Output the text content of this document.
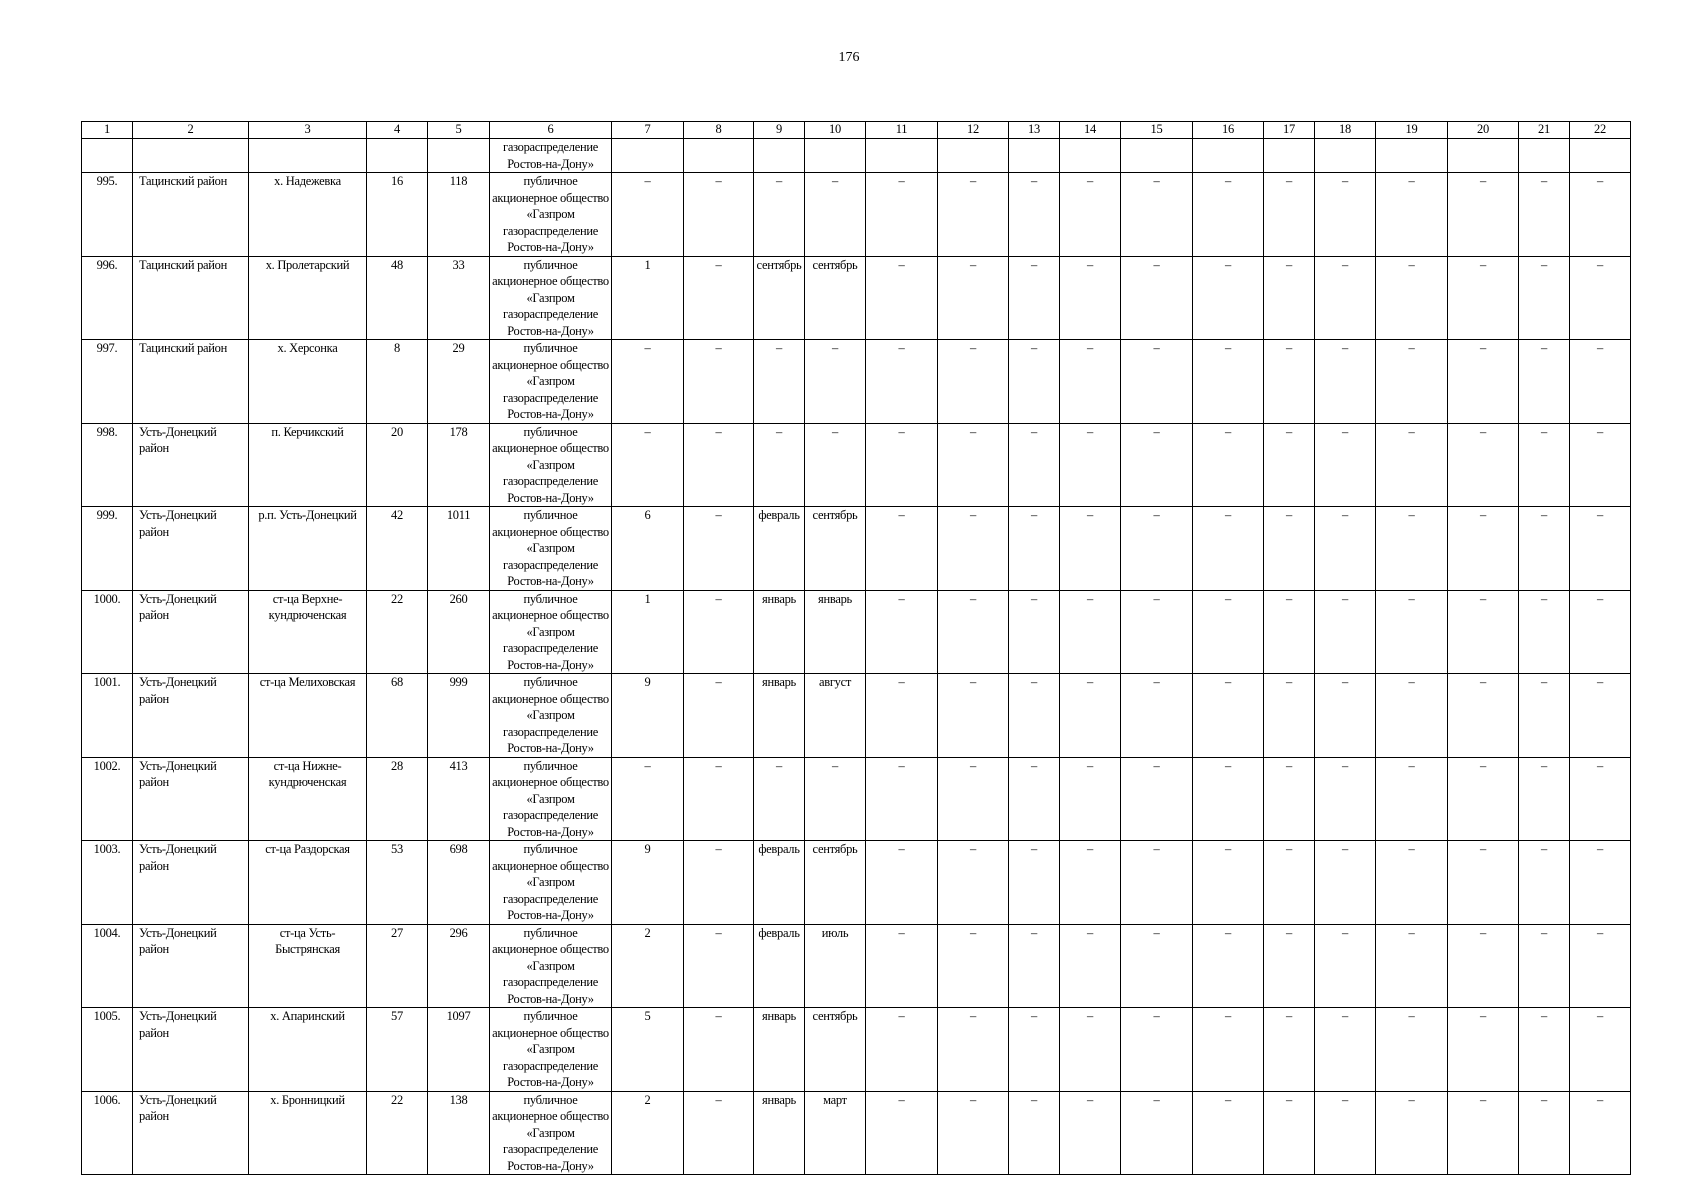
176
1	2	3	4	5	6	7	8	9	10	11	12	13	14	15	16	17	18	19	20	21	22
					газораспределение Ростов-на-Дону»																
995.	Тацинский район	х. Надежевка	16	118	публичное акционерное общество «Газпром газораспределение Ростов-на-Дону»	–	–	–	–	–	–	–	–	–	–	–	–	–	–	–	–
996.	Тацинский район	х. Пролетарский	48	33	публичное акционерное общество «Газпром газораспределение Ростов-на-Дону»	1	–	сентябрь	сентябрь	–	–	–	–	–	–	–	–	–	–	–	–
997.	Тацинский район	х. Херсонка	8	29	публичное акционерное общество «Газпром газораспределение Ростов-на-Дону»	–	–	–	–	–	–	–	–	–	–	–	–	–	–	–	–
998.	Усть-Донецкий район	п. Керчикский	20	178	публичное акционерное общество «Газпром газораспределение Ростов-на-Дону»	–	–	–	–	–	–	–	–	–	–	–	–	–	–	–	–
999.	Усть-Донецкий район	р.п. Усть-Донецкий	42	1011	публичное акционерное общество «Газпром газораспределение Ростов-на-Дону»	6	–	февраль	сентябрь	–	–	–	–	–	–	–	–	–	–	–	–
1000.	Усть-Донецкий район	ст-ца Верхне-кундрюченская	22	260	публичное акционерное общество «Газпром газораспределение Ростов-на-Дону»	1	–	январь	январь	–	–	–	–	–	–	–	–	–	–	–	–
1001.	Усть-Донецкий район	ст-ца Мелиховская	68	999	публичное акционерное общество «Газпром газораспределение Ростов-на-Дону»	9	–	январь	август	–	–	–	–	–	–	–	–	–	–	–	–
1002.	Усть-Донецкий район	ст-ца Нижне-кундрюченская	28	413	публичное акционерное общество «Газпром газораспределение Ростов-на-Дону»	–	–	–	–	–	–	–	–	–	–	–	–	–	–	–	–
1003.	Усть-Донецкий район	ст-ца Раздорская	53	698	публичное акционерное общество «Газпром газораспределение Ростов-на-Дону»	9	–	февраль	сентябрь	–	–	–	–	–	–	–	–	–	–	–	–
1004.	Усть-Донецкий район	ст-ца Усть-Быстрянская	27	296	публичное акционерное общество «Газпром газораспределение Ростов-на-Дону»	2	–	февраль	июль	–	–	–	–	–	–	–	–	–	–	–	–
1005.	Усть-Донецкий район	х. Апаринский	57	1097	публичное акционерное общество «Газпром газораспределение Ростов-на-Дону»	5	–	январь	сентябрь	–	–	–	–	–	–	–	–	–	–	–	–
1006.	Усть-Донецкий район	х. Бронницкий	22	138	публичное акционерное общество «Газпром газораспределение Ростов-на-Дону»	2	–	январь	март	–	–	–	–	–	–	–	–	–	–	–	–
